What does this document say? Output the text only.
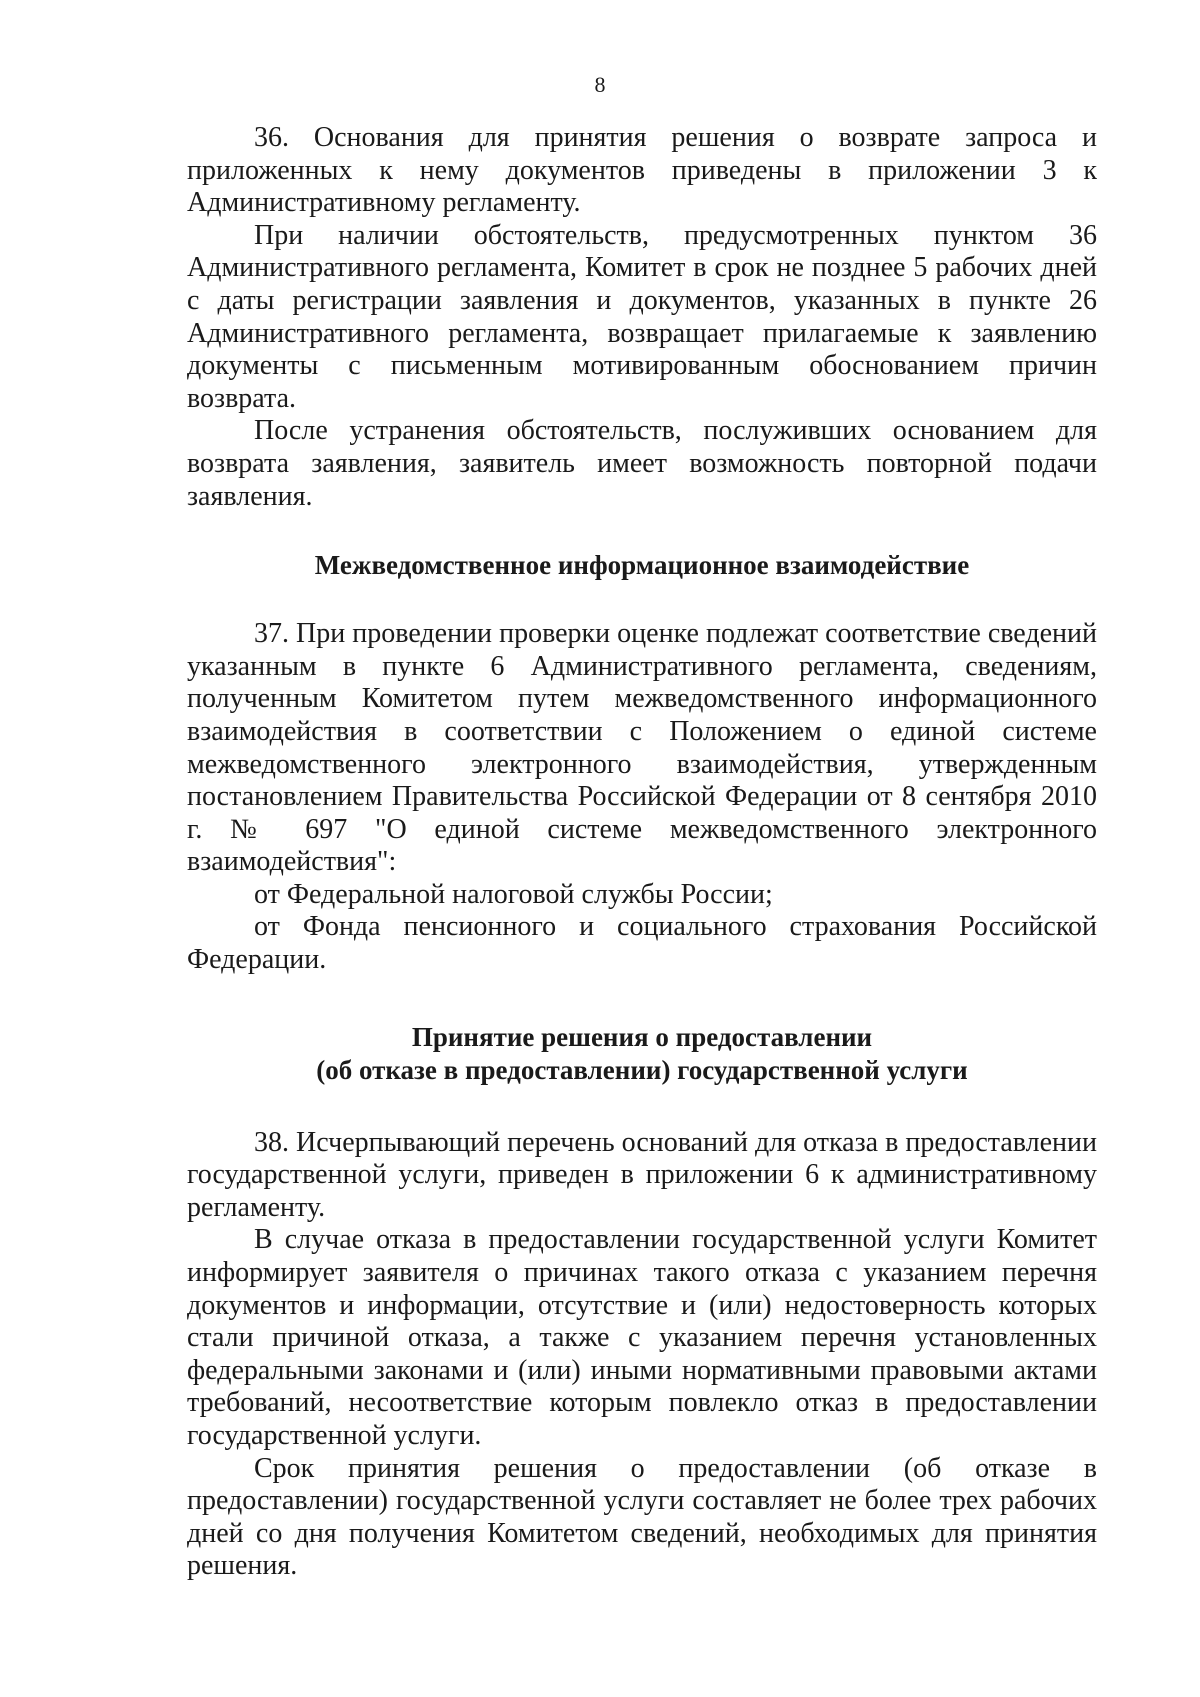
8

36. Основания для принятия решения о возврате запроса и приложенных к нему документов приведены в приложении 3 к Административному регламенту.

При наличии обстоятельств, предусмотренных пунктом 36 Административного регламента, Комитет в срок не позднее 5 рабочих дней с даты регистрации заявления и документов, указанных в пункте 26 Административного регламента, возвращает прилагаемые к заявлению документы с письменным мотивированным обоснованием причин возврата.

После устранения обстоятельств, послуживших основанием для возврата заявления, заявитель имеет возможность повторной подачи заявления.

Межведомственное информационное взаимодействие

37. При проведении проверки оценке подлежат соответствие сведений указанным в пункте 6 Административного регламента, сведениям, полученным Комитетом путем межведомственного информационного взаимодействия в соответствии с Положением о единой системе межведомственного электронного взаимодействия, утвержденным постановлением Правительства Российской Федерации от 8 сентября 2010 г. № 697 "О единой системе межведомственного электронного взаимодействия":

от Федеральной налоговой службы России;

от Фонда пенсионного и социального страхования Российской Федерации.

Принятие решения о предоставлении
(об отказе в предоставлении) государственной услуги

38. Исчерпывающий перечень оснований для отказа в предоставлении государственной услуги, приведен в приложении 6 к административному регламенту.

В случае отказа в предоставлении государственной услуги Комитет информирует заявителя о причинах такого отказа с указанием перечня документов и информации, отсутствие и (или) недостоверность которых стали причиной отказа, а также с указанием перечня установленных федеральными законами и (или) иными нормативными правовыми актами требований, несоответствие которым повлекло отказ в предоставлении государственной услуги.

Срок принятия решения о предоставлении (об отказе в предоставлении) государственной услуги составляет не более трех рабочих дней со дня получения Комитетом сведений, необходимых для принятия решения.
